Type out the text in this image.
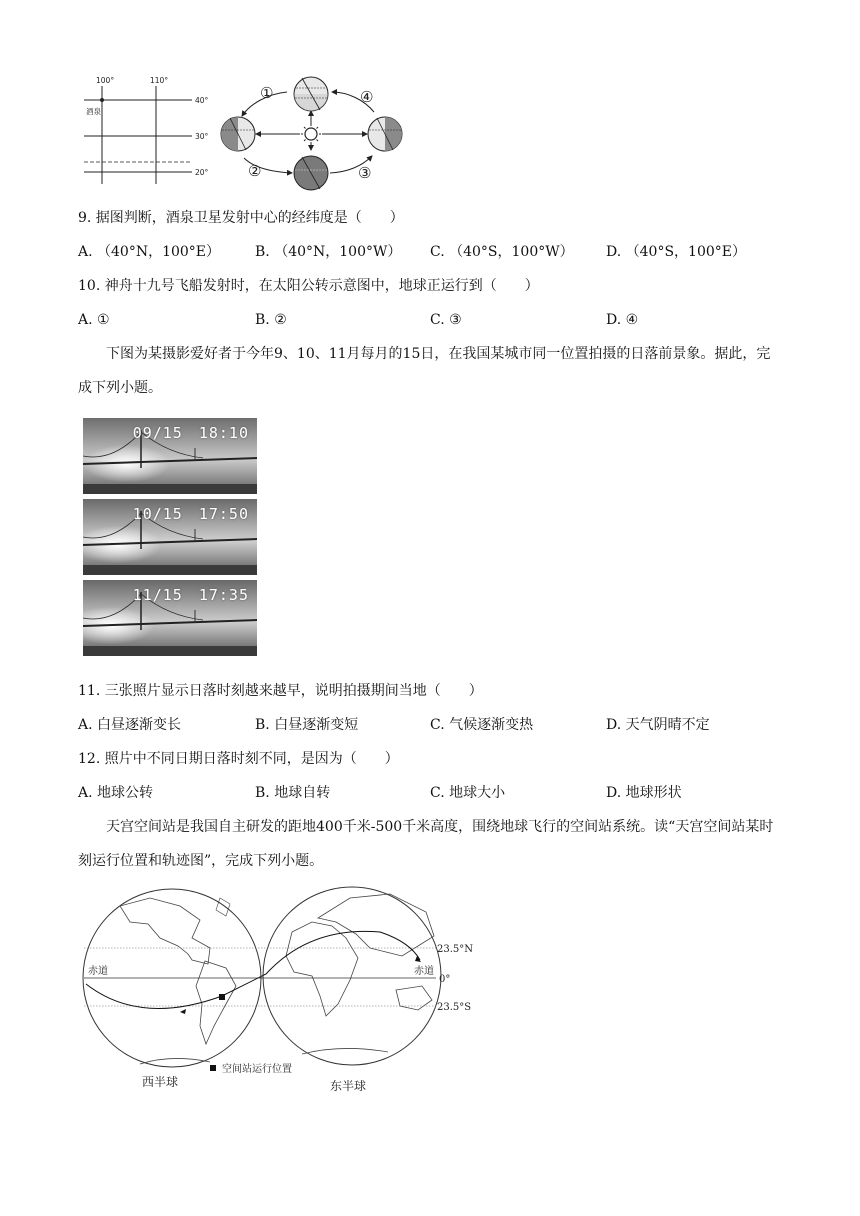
100°	110°
40°
30°
20°
酒泉
①
②	③
④
9. 据图判断，酒泉卫星发射中心的经纬度是（　　）
A. （40°N，100°E） B. （40°N，100°W） C. （40°S，100°W） D. （40°S，100°E）
10. 神舟十九号飞船发射时，在太阳公转示意图中，地球正运行到（　　）
A. ①	B. ②	C. ③	D. ④
下图为某摄影爱好者于今年9、10、11月每月的15日，在我国某城市同一位置拍摄的日落前景象。据此，完成下列小题。
09/15　18:10
10/15　17:50
11/15　17:35
11. 三张照片显示日落时刻越来越早，说明拍摄期间当地（　　）
A. 白昼逐渐变长	B. 白昼逐渐变短	C. 气候逐渐变热	D. 天气阴晴不定
12. 照片中不同日期日落时刻不同，是因为（　　）
A. 地球公转	B. 地球自转	C. 地球大小	D. 地球形状
天宫空间站是我国自主研发的距地400千米-500千米高度，围绕地球飞行的空间站系统。读“天宫空间站某时刻运行位置和轨迹图”，完成下列小题。
赤道	赤道
23.5°N
0°
23.5°S
西半球	东半球
空间站运行位置
